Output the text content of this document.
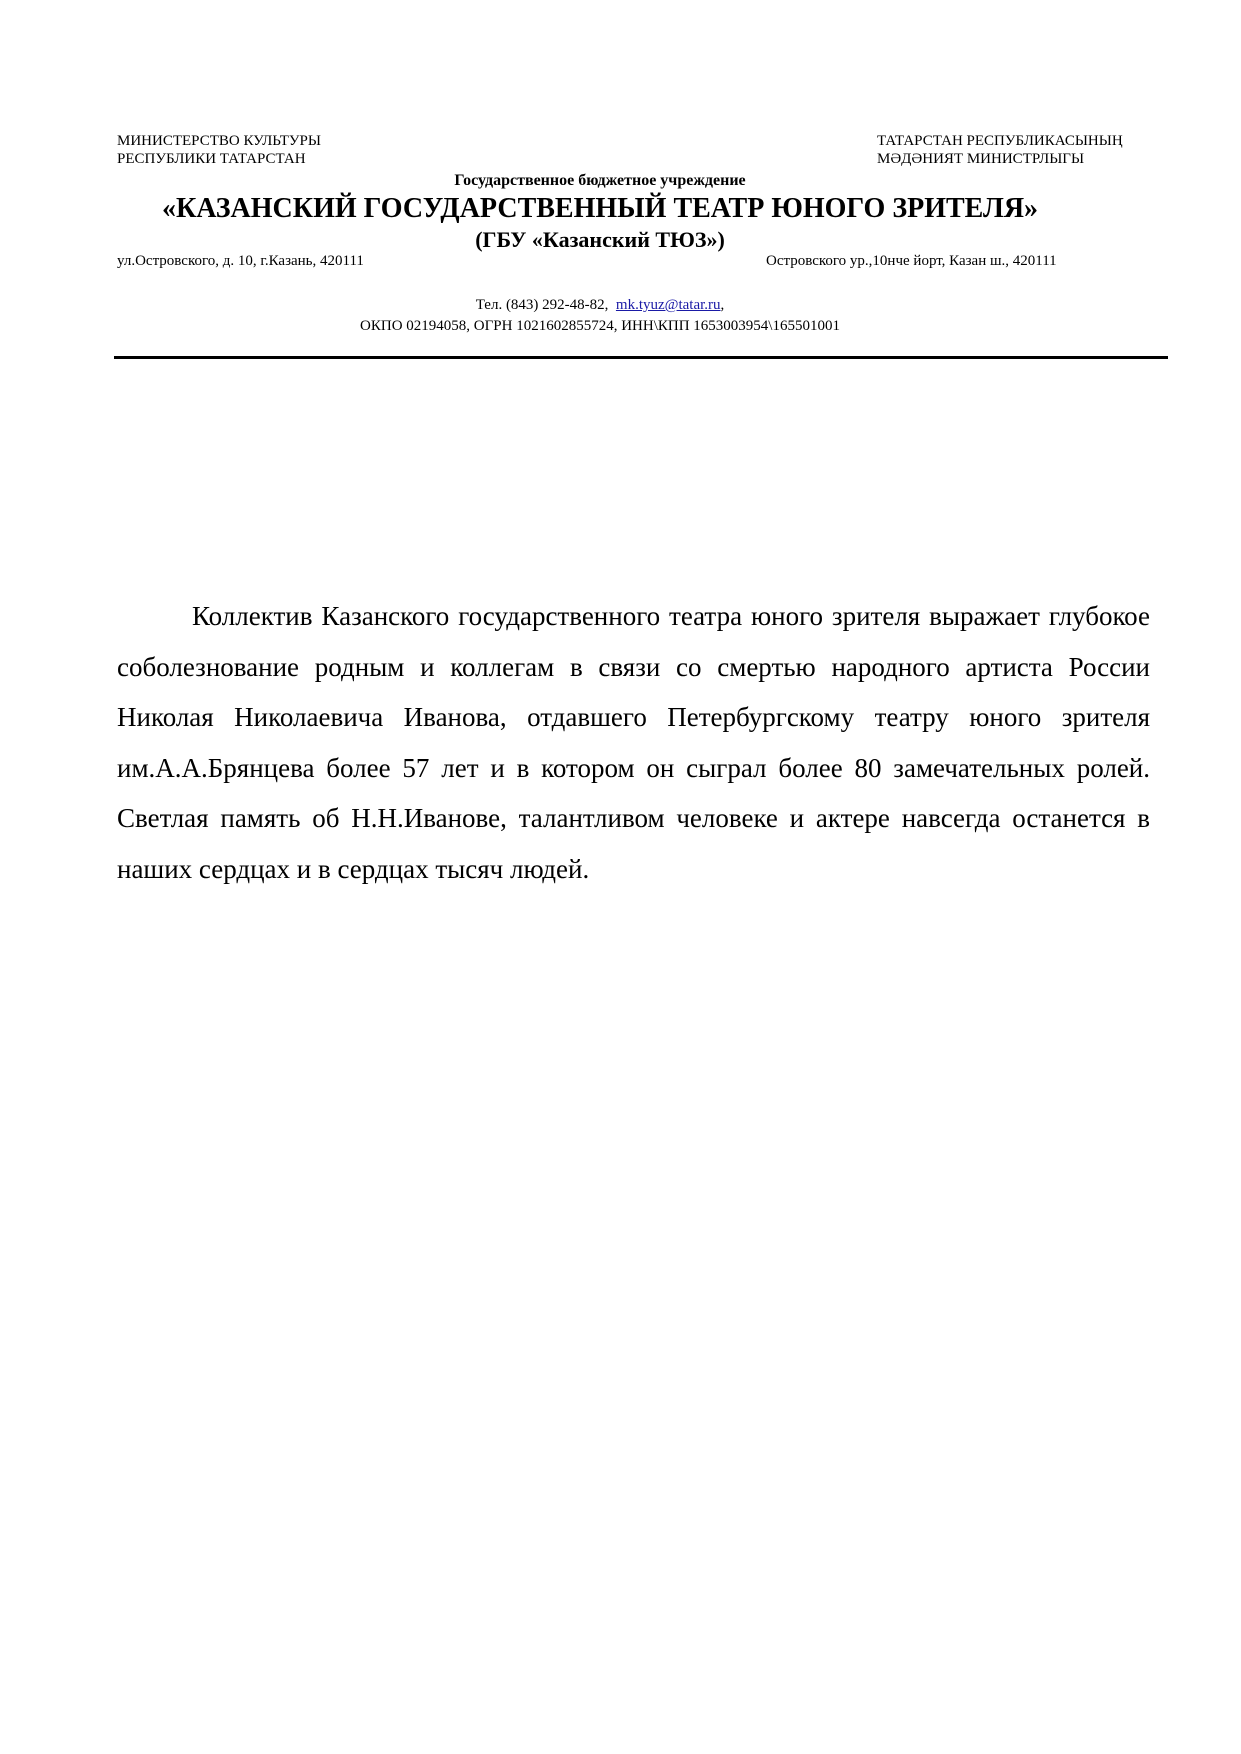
МИНИСТЕРСТВО КУЛЬТУРЫ
РЕСПУБЛИКИ ТАТАРСТАН
ТАТАРСТАН РЕСПУБЛИКАСЫНЫҢ
МӘДӘНИЯТ МИНИСТРЛЫГЫ
Государственное бюджетное учреждение
«КАЗАНСКИЙ ГОСУДАРСТВЕННЫЙ ТЕАТР ЮНОГО ЗРИТЕЛЯ»
(ГБУ «Казанский ТЮЗ»)
ул.Островского, д. 10, г.Казань, 420111	Островского ур.,10нче йорт, Казан ш., 420111
Тел. (843) 292-48-82, mk.tyuz@tatar.ru,
ОКПО 02194058, ОГРН 1021602855724, ИНН\КПП 1653003954\165501001

Коллектив Казанского государственного театра юного зрителя выражает глубокое соболезнование родным и коллегам в связи со смертью народного артиста России Николая Николаевича Иванова, отдавшего Петербургскому театру юного зрителя им.А.А.Брянцева более 57 лет и в котором он сыграл более 80 замечательных ролей. Светлая память об Н.Н.Иванове, талантливом человеке и актере навсегда останется в наших сердцах и в сердцах тысяч людей.
